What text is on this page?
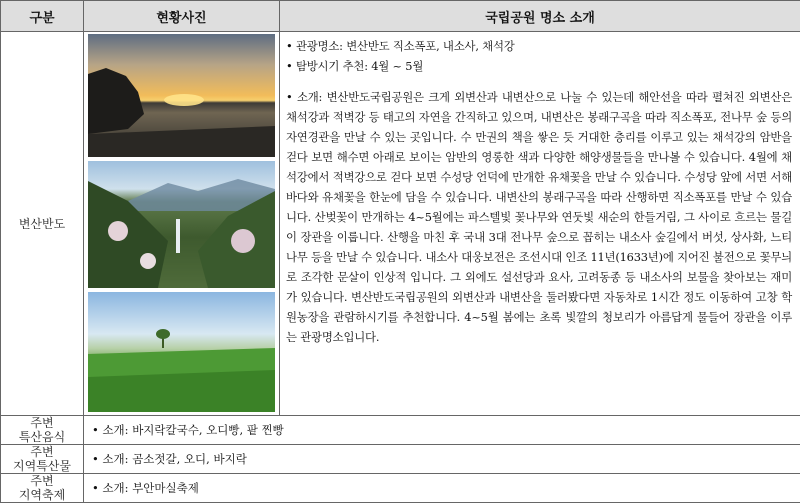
구분	현황사진	국립공원 명소 소개
변산반도		• 관광명소: 변산반도 직소폭포, 내소사, 채석강
• 탐방시기 추천: 4월 ~ 5월
• 소개: 변산반도국립공원은 크게 외변산과 내변산으로 나눌 수 있는데 해안선을 따라 펼쳐진 외변산은 채석강과 적벽강 등 태고의 자연을 간직하고 있으며, 내변산은 봉래구곡을 따라 직소폭포, 전나무 숲 등의 자연경관을 만날 수 있는 곳입니다. 수 만권의 책을 쌓은 듯 거대한 층리를 이루고 있는 채석강의 암반을 걷다 보면 해수면 아래로 보이는 암반의 영롱한 색과 다양한 해양생물들을 만나볼 수 있습니다. 4월에 채석강에서 적벽강으로 걷다 보면 수성당 언덕에 만개한 유채꽃을 만날 수 있습니다. 수성당 앞에 서면 서해바다와 유채꽃을 한눈에 담을 수 있습니다. 내변산의 봉래구곡을 따라 산행하면 직소폭포를 만날 수 있습니다. 산벚꽃이 만개하는 4~5월에는 파스텔빛 꽃나무와 연둣빛 새순의 한들거림, 그 사이로 흐르는 물길이 장관을 이룹니다. 산행을 마친 후 국내 3대 전나무 숲으로 꼽히는 내소사 숲길에서 버섯, 상사화, 느티나무 등을 만날 수 있습니다. 내소사 대웅보전은 조선시대 인조 11년(1633년)에 지어진 불전으로 꽃무늬로 조각한 문살이 인상적 입니다. 그 외에도 설선당과 요사, 고려동종 등 내소사의 보물을 찾아보는 재미가 있습니다. 변산반도국립공원의 외변산과 내변산을 둘러봤다면 자동차로 1시간 정도 이동하여 고창 학원농장을 관람하시기를 추천합니다. 4~5월 봄에는 초록 빛깔의 청보리가 아름답게 물들어 장관을 이루는 관광명소입니다.

주변
특산음식	• 소개: 바지락칼국수, 오디빵, 팥 찐빵	
주변
지역특산물	• 소개: 곰소젓갈, 오디, 바지락	
주변
지역축제	• 소개: 부안마실축제	
